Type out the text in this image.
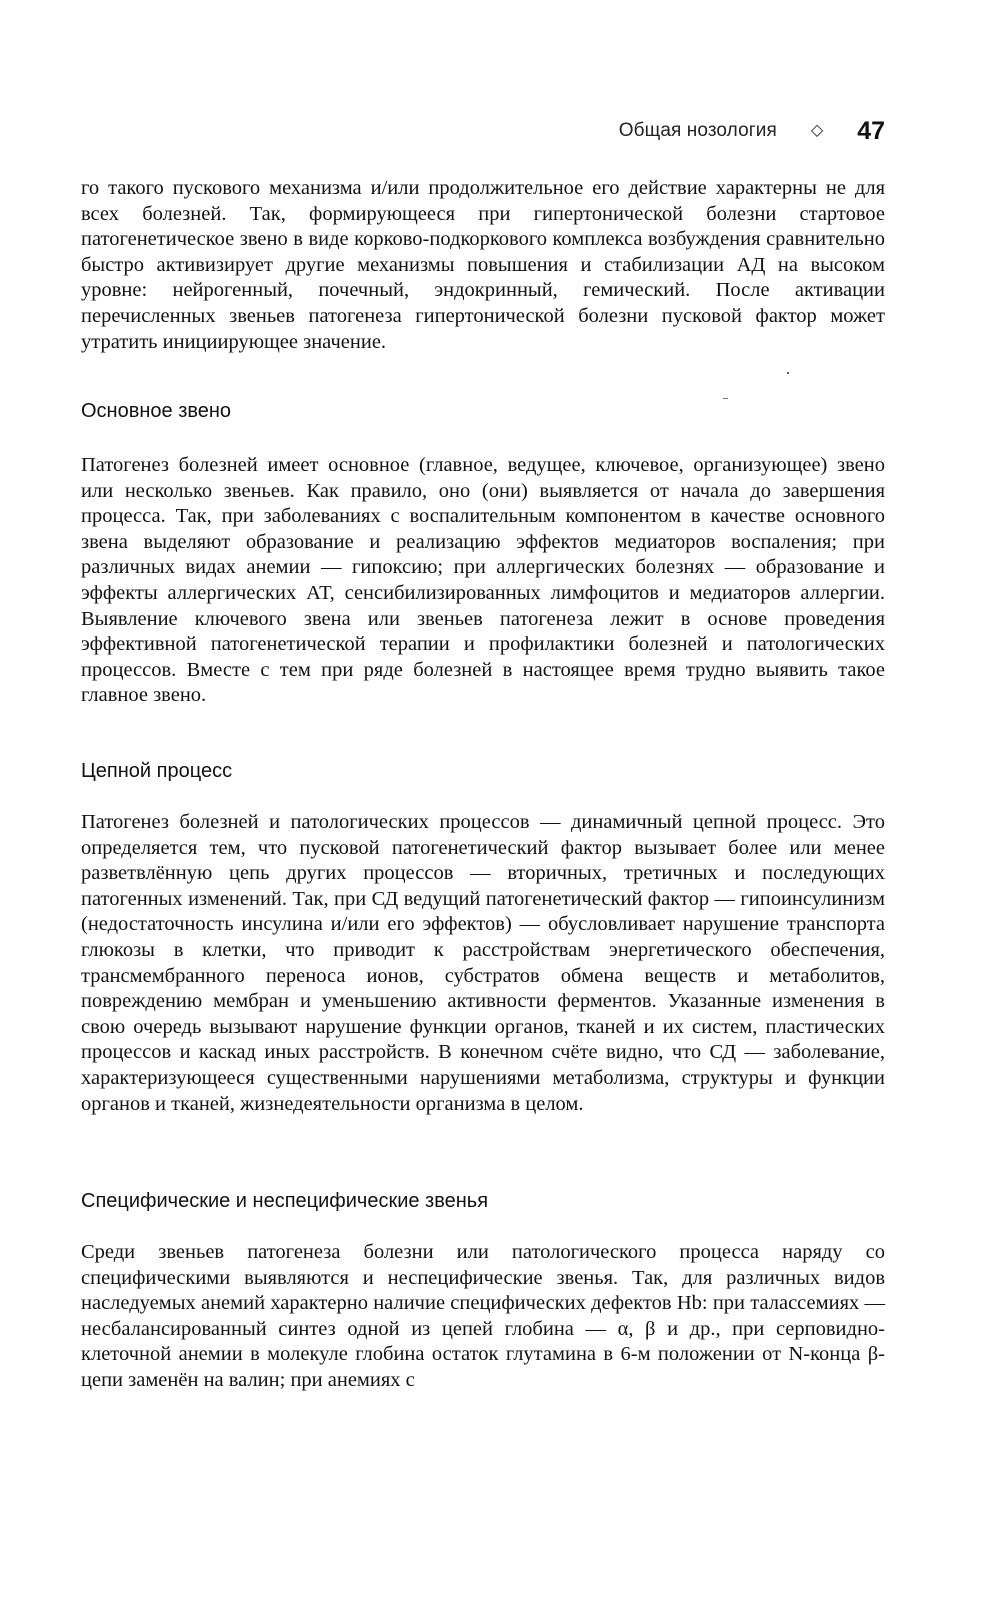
Общая нозология ◇ 47

го такого пускового механизма и/или продолжительное его действие характерны не для всех болезней. Так, формирующееся при гипертонической болезни стартовое патогенетическое звено в виде корково-подкоркового комплекса возбуждения сравнительно быстро активизирует другие механизмы повышения и стабилизации АД на высоком уровне: нейрогенный, почечный, эндокринный, гемический. После активации перечисленных звеньев патогенеза гипертонической болезни пусковой фактор может утратить инициирующее значение.

Основное звено

Патогенез болезней имеет основное (главное, ведущее, ключевое, организующее) звено или несколько звеньев. Как правило, оно (они) выявляется от начала до завершения процесса. Так, при заболеваниях с воспалительным компонентом в качестве основного звена выделяют образование и реализацию эффектов медиаторов воспаления; при различных видах анемии — гипоксию; при аллергических болезнях — образование и эффекты аллергических АТ, сенсибилизированных лимфоцитов и медиаторов аллергии. Выявление ключевого звена или звеньев патогенеза лежит в основе проведения эффективной патогенетической терапии и профилактики болезней и патологических процессов. Вместе с тем при ряде болезней в настоящее время трудно выявить такое главное звено.

Цепной процесс

Патогенез болезней и патологических процессов — динамичный цепной процесс. Это определяется тем, что пусковой патогенетический фактор вызывает более или менее разветвлённую цепь других процессов — вторичных, третичных и последующих патогенных изменений. Так, при СД ведущий патогенетический фактор — гипоинсулинизм (недостаточность инсулина и/или его эффектов) — обусловливает нарушение транспорта глюкозы в клетки, что приводит к расстройствам энергетического обеспечения, трансмембранного переноса ионов, субстратов обмена веществ и метаболитов, повреждению мембран и уменьшению активности ферментов. Указанные изменения в свою очередь вызывают нарушение функции органов, тканей и их систем, пластических процессов и каскад иных расстройств. В конечном счёте видно, что СД — заболевание, характеризующееся существенными нарушениями метаболизма, структуры и функции органов и тканей, жизнедеятельности организма в целом.

Специфические и неспецифические звенья

Среди звеньев патогенеза болезни или патологического процесса наряду со специфическими выявляются и неспецифические звенья. Так, для различных видов наследуемых анемий характерно наличие специфических дефектов Hb: при талассемиях — несбалансированный синтез одной из цепей глобина — α, β и др., при серповидно-клеточной анемии в молекуле глобина остаток глутамина в 6-м положении от N-конца β-цепи заменён на валин; при анемиях с
